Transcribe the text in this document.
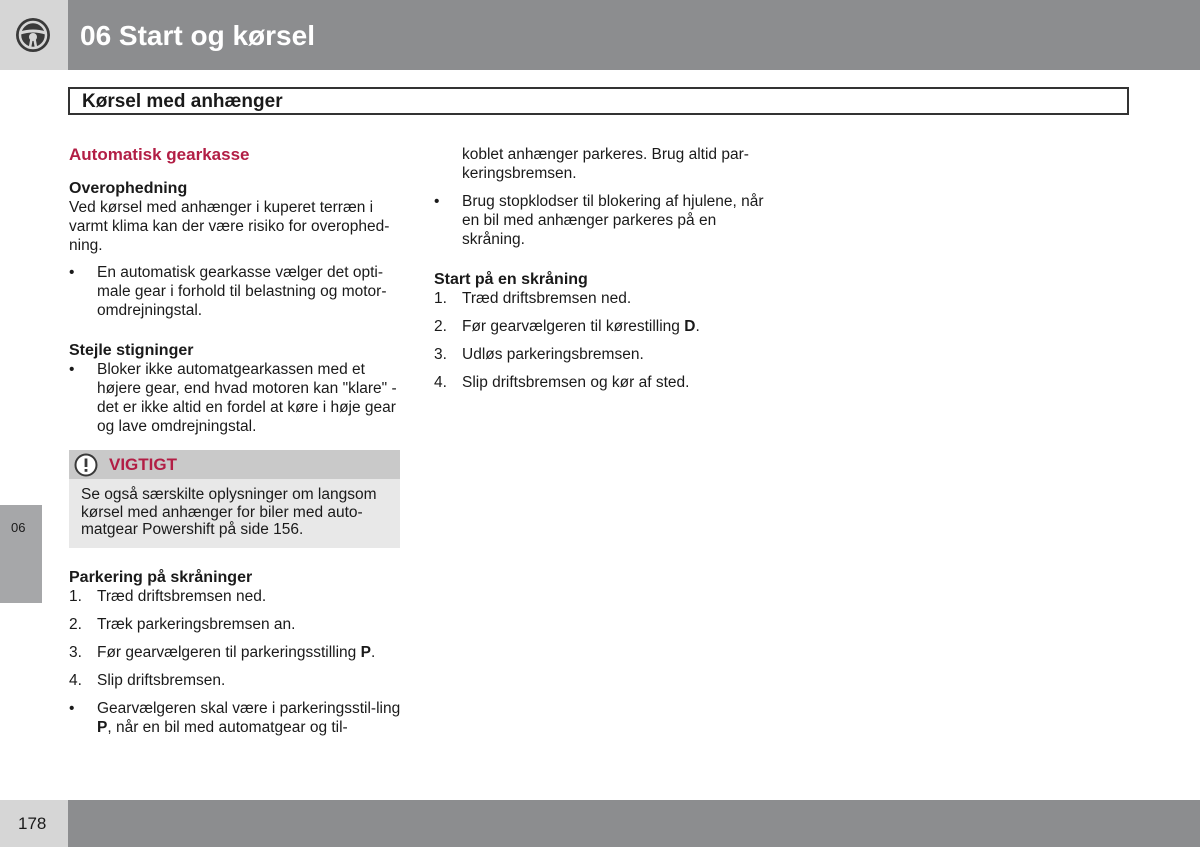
06 Start og kørsel
Kørsel med anhænger
Automatisk gearkasse
Overophedning

Ved kørsel med anhænger i kuperet terræn i varmt klima kan der være risiko for overophed-ning.

• En automatisk gearkasse vælger det opti-male gear i forhold til belastning og motor-omdrejningstal.
Stejle stigninger
• Bloker ikke automatgearkassen med et højere gear, end hvad motoren kan "klare" - det er ikke altid en fordel at køre i høje gear og lave omdrejningstal.
VIGTIGT
Se også særskilte oplysninger om langsom kørsel med anhænger for biler med auto-matgear Powershift på side 156.
Parkering på skråninger
1. Træd driftsbremsen ned.
2. Træk parkeringsbremsen an.
3. Før gearvælgeren til parkeringsstilling P.
4. Slip driftsbremsen.
• Gearvælgeren skal være i parkeringsstil-ling P, når en bil med automatgear og til-
koblet anhænger parkeres. Brug altid par-keringsbremsen.
• Brug stopklodser til blokering af hjulene, når en bil med anhænger parkeres på en skråning.
Start på en skråning
1. Træd driftsbremsen ned.
2. Før gearvælgeren til kørestilling D.
3. Udløs parkeringsbremsen.
4. Slip driftsbremsen og kør af sted.
06
178
